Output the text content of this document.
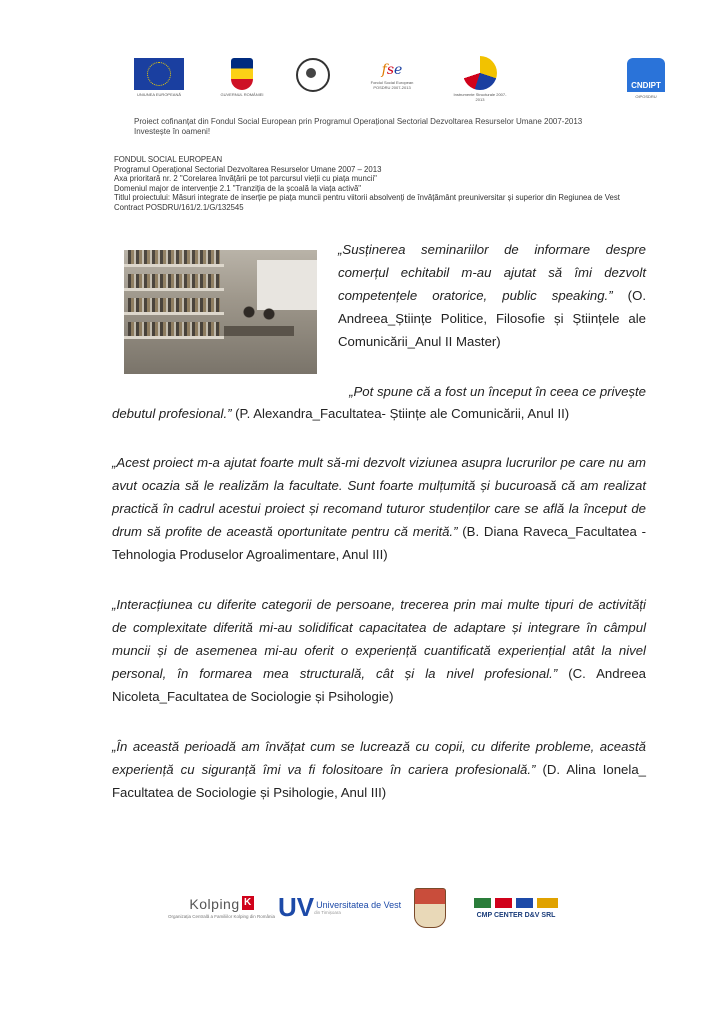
UNIUNEA EUROPEANĂ	GUVERNUL ROMÂNIEI
fse
Fondul Social European POSDRU 2007-2013
Instrumente Structurale 2007-2013
CNDIPT
OIPOSDRU
Proiect cofinanțat din Fondul Social European prin Programul Operațional Sectorial Dezvoltarea Resurselor Umane 2007-2013
Investește în oameni!
FONDUL SOCIAL EUROPEAN
Programul Operațional Sectorial Dezvoltarea Resurselor Umane 2007 – 2013
Axa prioritară nr. 2 "Corelarea învățării pe tot parcursul vieții cu piața muncii"
Domeniul major de intervenție 2.1 "Tranziția de la școală la viața activă"
Titlul proiectului: Măsuri integrate de inserție pe piața muncii pentru viitorii absolvenți de învățământ preuniversitar și superior din Regiunea de Vest
Contract POSDRU/161/2.1/G/132545

„Susținerea seminariilor de informare despre comerțul echitabil m-au ajutat să îmi dezvolt competențele oratorice, public speaking.” (O. Andreea_Științe Politice, Filosofie și Științele ale Comunicării_Anul II Master)

„Pot spune că a fost un început în ceea ce privește

debutul profesional.” (P. Alexandra_Facultatea- Științe ale Comunicării, Anul II)

„Acest proiect m-a ajutat foarte mult să-mi dezvolt viziunea asupra lucrurilor pe care nu am avut ocazia să le realizăm la facultate. Sunt foarte mulțumită și bucuroasă că am realizat practică în cadrul acestui proiect și recomand tuturor studenților care se află la început de drum să profite de această oportunitate pentru că merită.” (B. Diana Raveca_Facultatea - Tehnologia Produselor Agroalimentare, Anul III)

„Interacțiunea cu diferite categorii de persoane, trecerea prin mai multe tipuri de activități de complexitate diferită mi-au solidificat capacitatea de adaptare și integrare în câmpul muncii și de asemenea mi-au oferit o experiență cuantificată experiențial atât la nivel personal, în formarea mea structurală, cât și la nivel profesional.” (C. Andreea Nicoleta_Facultatea de Sociologie și Psihologie)

„În această perioadă am învățat cum se lucrează cu copii, cu diferite probleme, această experiență cu siguranță îmi va fi folositoare în cariera profesională.” (D. Alina Ionela_ Facultatea de Sociologie și Psihologie, Anul III)

Kolping K
Organizația Centrală a Familiilor Kolping din România UV Universitatea de Vest
din Timișoara	CMP CENTER D&V SRL
